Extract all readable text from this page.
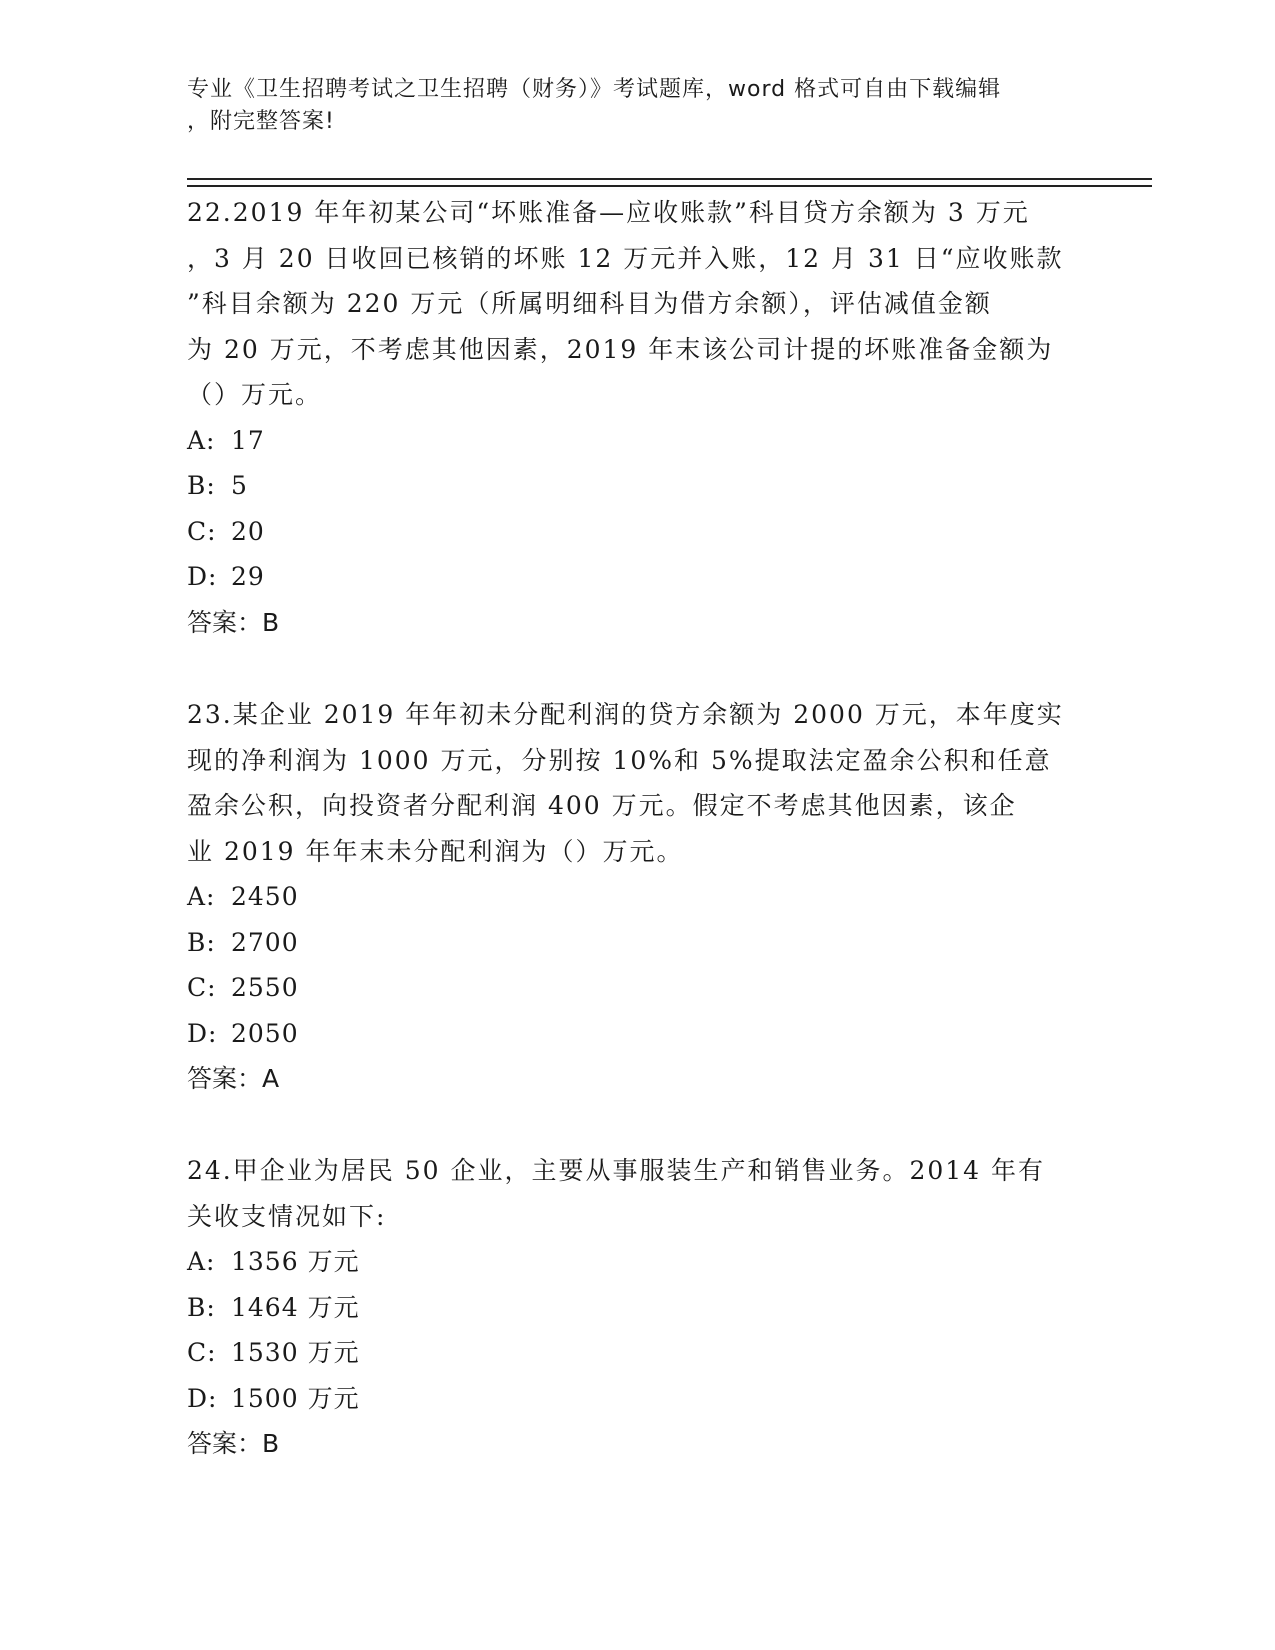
专业《卫生招聘考试之卫生招聘（财务）》考试题库，word 格式可自由下载编辑
，附完整答案!
22.2019 年年初某公司“坏账准备—应收账款”科目贷方余额为 3 万元
，3 月 20 日收回已核销的坏账 12 万元并入账，12 月 31 日“应收账款
”科目余额为 220 万元（所属明细科目为借方余额），评估减值金额
为 20 万元，不考虑其他因素，2019 年末该公司计提的坏账准备金额为
（）万元。
A: 17
B: 5
C: 20
D: 29
答案：B
23.某企业 2019 年年初未分配利润的贷方余额为 2000 万元，本年度实
现的净利润为 1000 万元，分别按 10%和 5%提取法定盈余公积和任意
盈余公积，向投资者分配利润 400 万元。假定不考虑其他因素，该企
业 2019 年年末未分配利润为（）万元。
A: 2450
B: 2700
C: 2550
D: 2050
答案：A
24.甲企业为居民 50 企业，主要从事服装生产和销售业务。2014 年有
关收支情况如下:
A: 1356 万元
B: 1464 万元
C: 1530 万元
D: 1500 万元
答案：B
